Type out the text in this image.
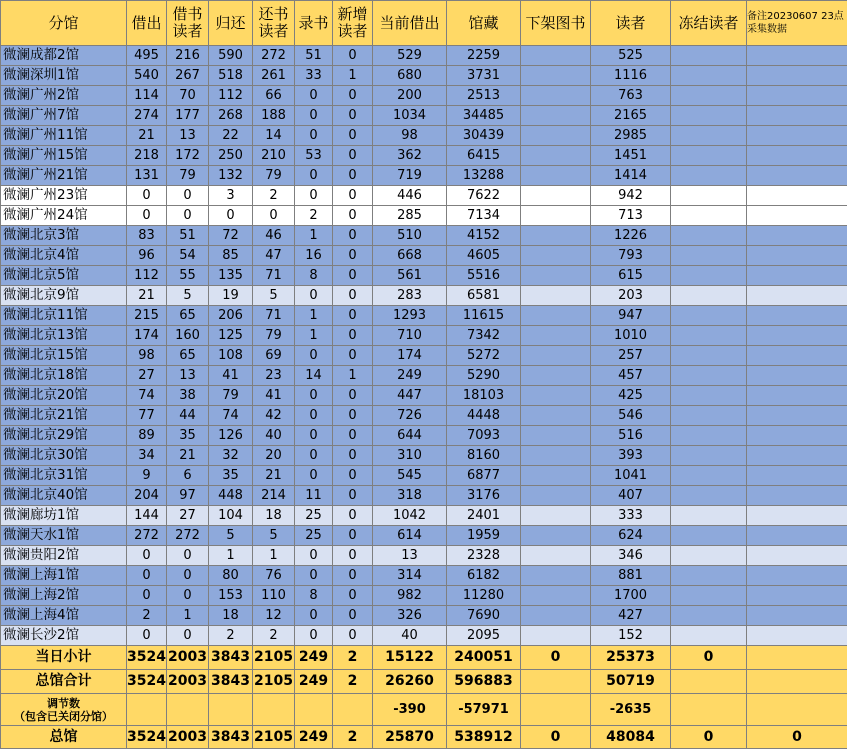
分馆	借出	借书读者	归还	还书读者	录书	新增读者	当前借出	馆藏	下架图书	读者	冻结读者	备注20230607 23点采集数据
微澜成都2馆	495	216	590	272	51	0	529	2259		525		
微澜深圳1馆	540	267	518	261	33	1	680	3731		1116		
微澜广州2馆	114	70	112	66	0	0	200	2513		763		
微澜广州7馆	274	177	268	188	0	0	1034	34485		2165		
微澜广州11馆	21	13	22	14	0	0	98	30439		2985		
微澜广州15馆	218	172	250	210	53	0	362	6415		1451		
微澜广州21馆	131	79	132	79	0	0	719	13288		1414		
微澜广州23馆	0	0	3	2	0	0	446	7622		942		
微澜广州24馆	0	0	0	0	2	0	285	7134		713		
微澜北京3馆	83	51	72	46	1	0	510	4152		1226		
微澜北京4馆	96	54	85	47	16	0	668	4605		793		
微澜北京5馆	112	55	135	71	8	0	561	5516		615		
微澜北京9馆	21	5	19	5	0	0	283	6581		203		
微澜北京11馆	215	65	206	71	1	0	1293	11615		947		
微澜北京13馆	174	160	125	79	1	0	710	7342		1010		
微澜北京15馆	98	65	108	69	0	0	174	5272		257		
微澜北京18馆	27	13	41	23	14	1	249	5290		457		
微澜北京20馆	74	38	79	41	0	0	447	18103		425		
微澜北京21馆	77	44	74	42	0	0	726	4448		546		
微澜北京29馆	89	35	126	40	0	0	644	7093		516		
微澜北京30馆	34	21	32	20	0	0	310	8160		393		
微澜北京31馆	9	6	35	21	0	0	545	6877		1041		
微澜北京40馆	204	97	448	214	11	0	318	3176		407		
微澜廊坊1馆	144	27	104	18	25	0	1042	2401		333		
微澜天水1馆	272	272	5	5	25	0	614	1959		624		
微澜贵阳2馆	0	0	1	1	0	0	13	2328		346		
微澜上海1馆	0	0	80	76	0	0	314	6182		881		
微澜上海2馆	0	0	153	110	8	0	982	11280		1700		
微澜上海4馆	2	1	18	12	0	0	326	7690		427		
微澜长沙2馆	0	0	2	2	0	0	40	2095		152		
当日小计	3524	2003	3843	2105	249	2	15122	240051	0	25373	0	
总馆合计	3524	2003	3843	2105	249	2	26260	596883		50719		
调节数
（包含已关闭分馆）							-390	-57971		-2635		
总馆	3524	2003	3843	2105	249	2	25870	538912	0	48084	0	0
